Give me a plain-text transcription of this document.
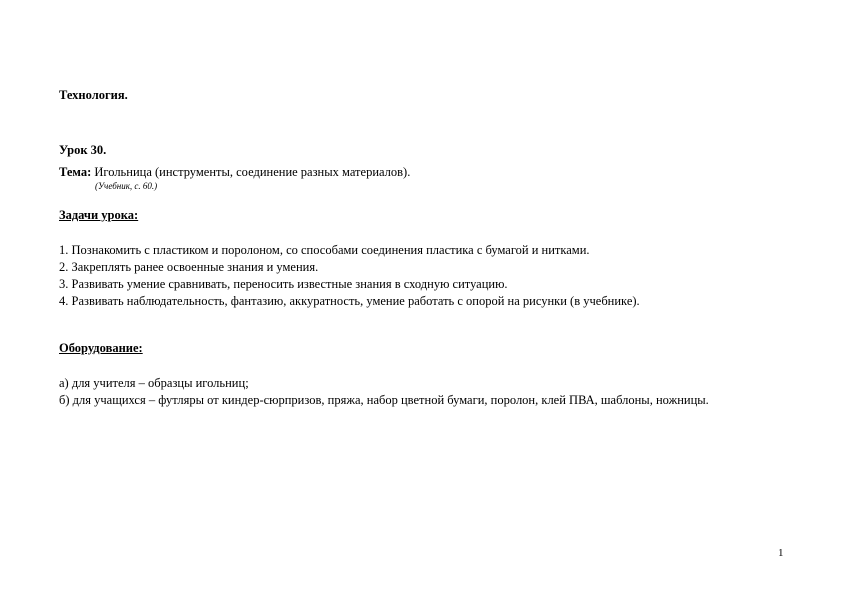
Технология.
Урок 30.
Тема: Игольница (инструменты, соединение разных материалов).
(Учебник, с. 60.)
Задачи урока:
1. Познакомить с пластиком и поролоном, со способами соединения пластика с бумагой и нитками.
2. Закреплять ранее освоенные знания и умения.
3. Развивать умение сравнивать, переносить известные знания в сходную ситуацию.
4. Развивать наблюдательность, фантазию, аккуратность, умение работать с опорой на рисунки (в учебнике).
Оборудование:
а) для учителя – образцы игольниц;
б) для учащихся – футляры от киндер-сюрпризов, пряжа, набор цветной бумаги, поролон, клей ПВА, шаблоны, ножницы.
1
